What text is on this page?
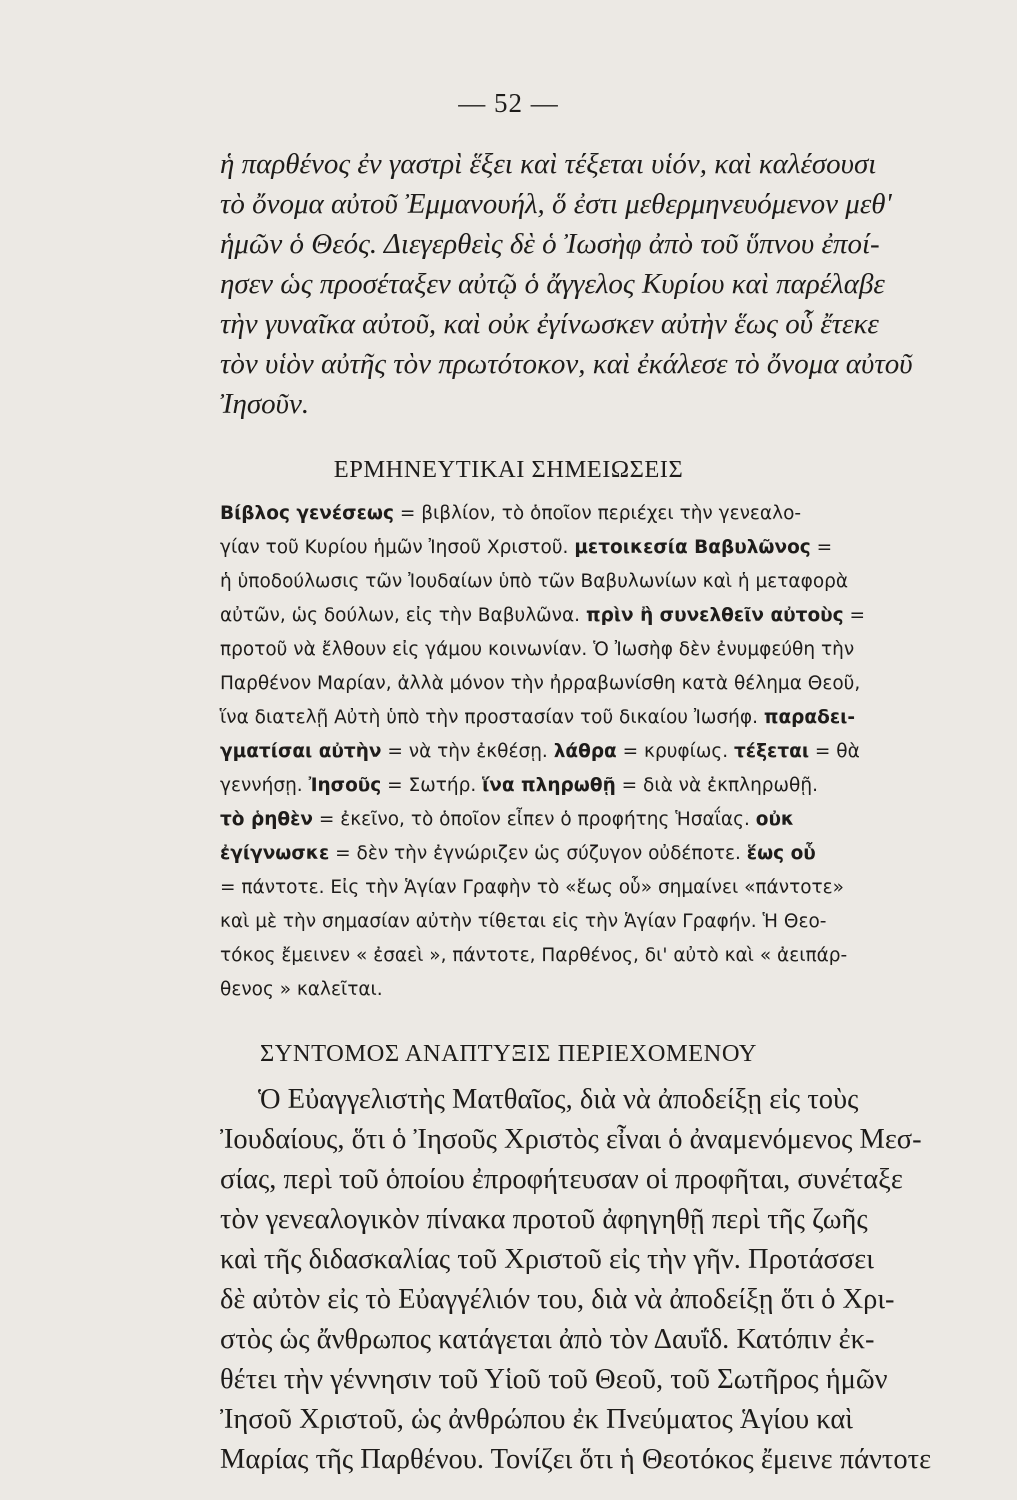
— 52 —
ἡ παρθένος ἐν γαστρὶ ἕξει καὶ τέξεται υἱόν, καὶ καλέσουσι
τὸ ὄνομα αὐτοῦ Ἐμμανουήλ, ὅ ἐστι μεθερμηνευόμενον μεθ'
ἡμῶν ὁ Θεός. Διεγερθεὶς δὲ ὁ Ἰωσὴφ ἀπὸ τοῦ ὕπνου ἐποί-
ησεν ὡς προσέταξεν αὐτῷ ὁ ἄγγελος Κυρίου καὶ παρέλαβε
τὴν γυναῖκα αὐτοῦ, καὶ οὐκ ἐγίνωσκεν αὐτὴν ἕως οὗ ἔτεκε
τὸν υἱὸν αὐτῆς τὸν πρωτότοκον, καὶ ἐκάλεσε τὸ ὄνομα αὐτοῦ
Ἰησοῦν.
ΕΡΜΗΝΕΥΤΙΚΑΙ ΣΗΜΕΙΩΣΕΙΣ
Βίβλος γενέσεως = βιβλίον, τὸ ὁποῖον περιέχει τὴν γενεαλο-
γίαν τοῦ Κυρίου ἡμῶν Ἰησοῦ Χριστοῦ. μετοικεσία Βαβυλῶνος =
ἡ ὑποδούλωσις τῶν Ἰουδαίων ὑπὸ τῶν Βαβυλωνίων καὶ ἡ μεταφορὰ
αὐτῶν, ὡς δούλων, εἰς τὴν Βαβυλῶνα. πρὶν ἢ συνελθεῖν αὐτοὺς =
προτοῦ νὰ ἔλθουν εἰς γάμου κοινωνίαν. Ὁ Ἰωσὴφ δὲν ἐνυμφεύθη τὴν
Παρθένον Μαρίαν, ἀλλὰ μόνον τὴν ἠρραβωνίσθη κατὰ θέλημα Θεοῦ,
ἵνα διατελῇ Αὐτὴ ὑπὸ τὴν προστασίαν τοῦ δικαίου Ἰωσήφ. παραδει-
γματίσαι αὐτὴν = νὰ τὴν ἐκθέσῃ. λάθρα = κρυφίως. τέξεται = θὰ
γεννήσῃ. Ἰησοῦς = Σωτήρ. ἵνα πληρωθῇ = διὰ νὰ ἐκπληρωθῇ.
τὸ ῥηθὲν = ἐκεῖνο, τὸ ὁποῖον εἶπεν ὁ προφήτης Ἡσαΐας. οὐκ
ἐγίγνωσκε = δὲν τὴν ἐγνώριζεν ὡς σύζυγον οὐδέποτε. ἕως οὗ
= πάντοτε. Εἰς τὴν Ἁγίαν Γραφὴν τὸ «ἕως οὗ» σημαίνει «πάντοτε»
καὶ μὲ τὴν σημασίαν αὐτὴν τίθεται εἰς τὴν Ἁγίαν Γραφήν. Ἡ Θεο-
τόκος ἔμεινεν « ἐσαεὶ », πάντοτε, Παρθένος, δι' αὐτὸ καὶ « ἀειπάρ-
θενος » καλεῖται.
ΣΥΝΤΟΜΟΣ ΑΝΑΠΤΥΞΙΣ ΠΕΡΙΕΧΟΜΕΝΟΥ
Ὁ Εὐαγγελιστὴς Ματθαῖος, διὰ νὰ ἀποδείξῃ εἰς τοὺς
Ἰουδαίους, ὅτι ὁ Ἰησοῦς Χριστὸς εἶναι ὁ ἀναμενόμενος Μεσ-
σίας, περὶ τοῦ ὁποίου ἐπροφήτευσαν οἱ προφῆται, συνέταξε
τὸν γενεαλογικὸν πίνακα προτοῦ ἀφηγηθῇ περὶ τῆς ζωῆς
καὶ τῆς διδασκαλίας τοῦ Χριστοῦ εἰς τὴν γῆν. Προτάσσει
δὲ αὐτὸν εἰς τὸ Εὐαγγέλιόν του, διὰ νὰ ἀποδείξῃ ὅτι ὁ Χρι-
στὸς ὡς ἄνθρωπος κατάγεται ἀπὸ τὸν Δαυΐδ. Κατόπιν ἐκ-
θέτει τὴν γέννησιν τοῦ Υἱοῦ τοῦ Θεοῦ, τοῦ Σωτῆρος ἡμῶν
Ἰησοῦ Χριστοῦ, ὡς ἀνθρώπου ἐκ Πνεύματος Ἁγίου καὶ
Μαρίας τῆς Παρθένου. Τονίζει ὅτι ἡ Θεοτόκος ἔμεινε πάντοτε
